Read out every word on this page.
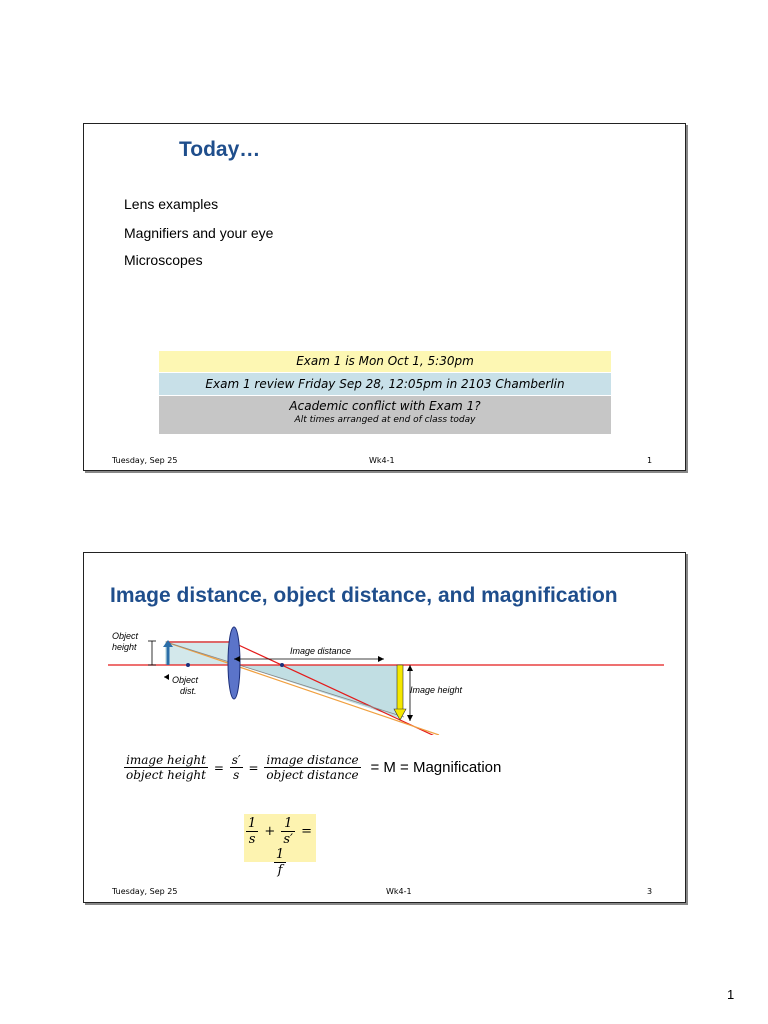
Today…
Lens examples
Magnifiers and your eye
Microscopes
Exam 1 is Mon Oct 1, 5:30pm
Exam 1 review Friday Sep 28, 12:05pm in 2103 Chamberlin
Academic conflict with Exam 1?
Alt times arranged at end of class today
Tuesday, Sep 25	Wk4-1	1
Image distance, object distance, and magnification
Object
height	Image distance
Object
dist.	Image height
$\frac{\text{image height}}{\text{object height}} = \frac{s'}{s} = \frac{\text{image distance}}{\text{object distance}} = M$ = Magnification
$\frac{1}{s} + \frac{1}{s'}$ =
$\frac{1}{f}$
Tuesday, Sep 25	Wk4-1	3
1
